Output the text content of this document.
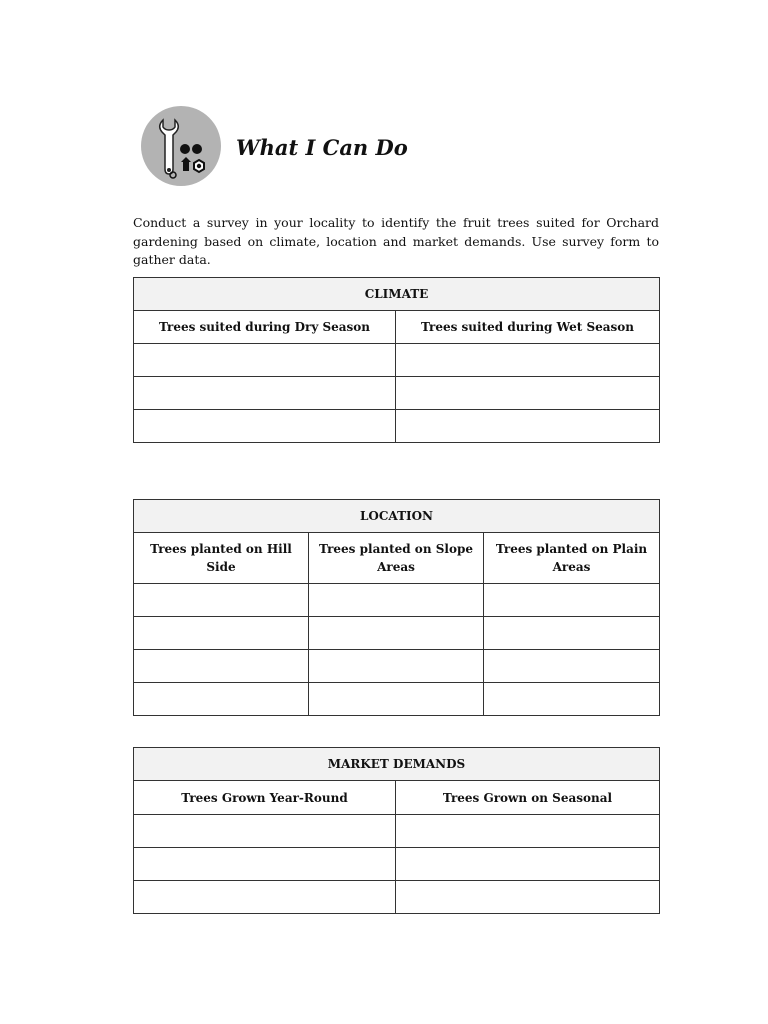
What I Can Do

Conduct a survey in your locality to identify the fruit trees suited for Orchard gardening based on climate, location and market demands. Use survey form to gather data.

CLIMATE	
Trees suited during Dry Season	Trees suited during Wet Season

LOCATION		
Trees planted on Hill Side	Trees planted on Slope Areas	Trees planted on Plain Areas

MARKET DEMANDS	
Trees Grown Year-Round	Trees Grown on Seasonal
